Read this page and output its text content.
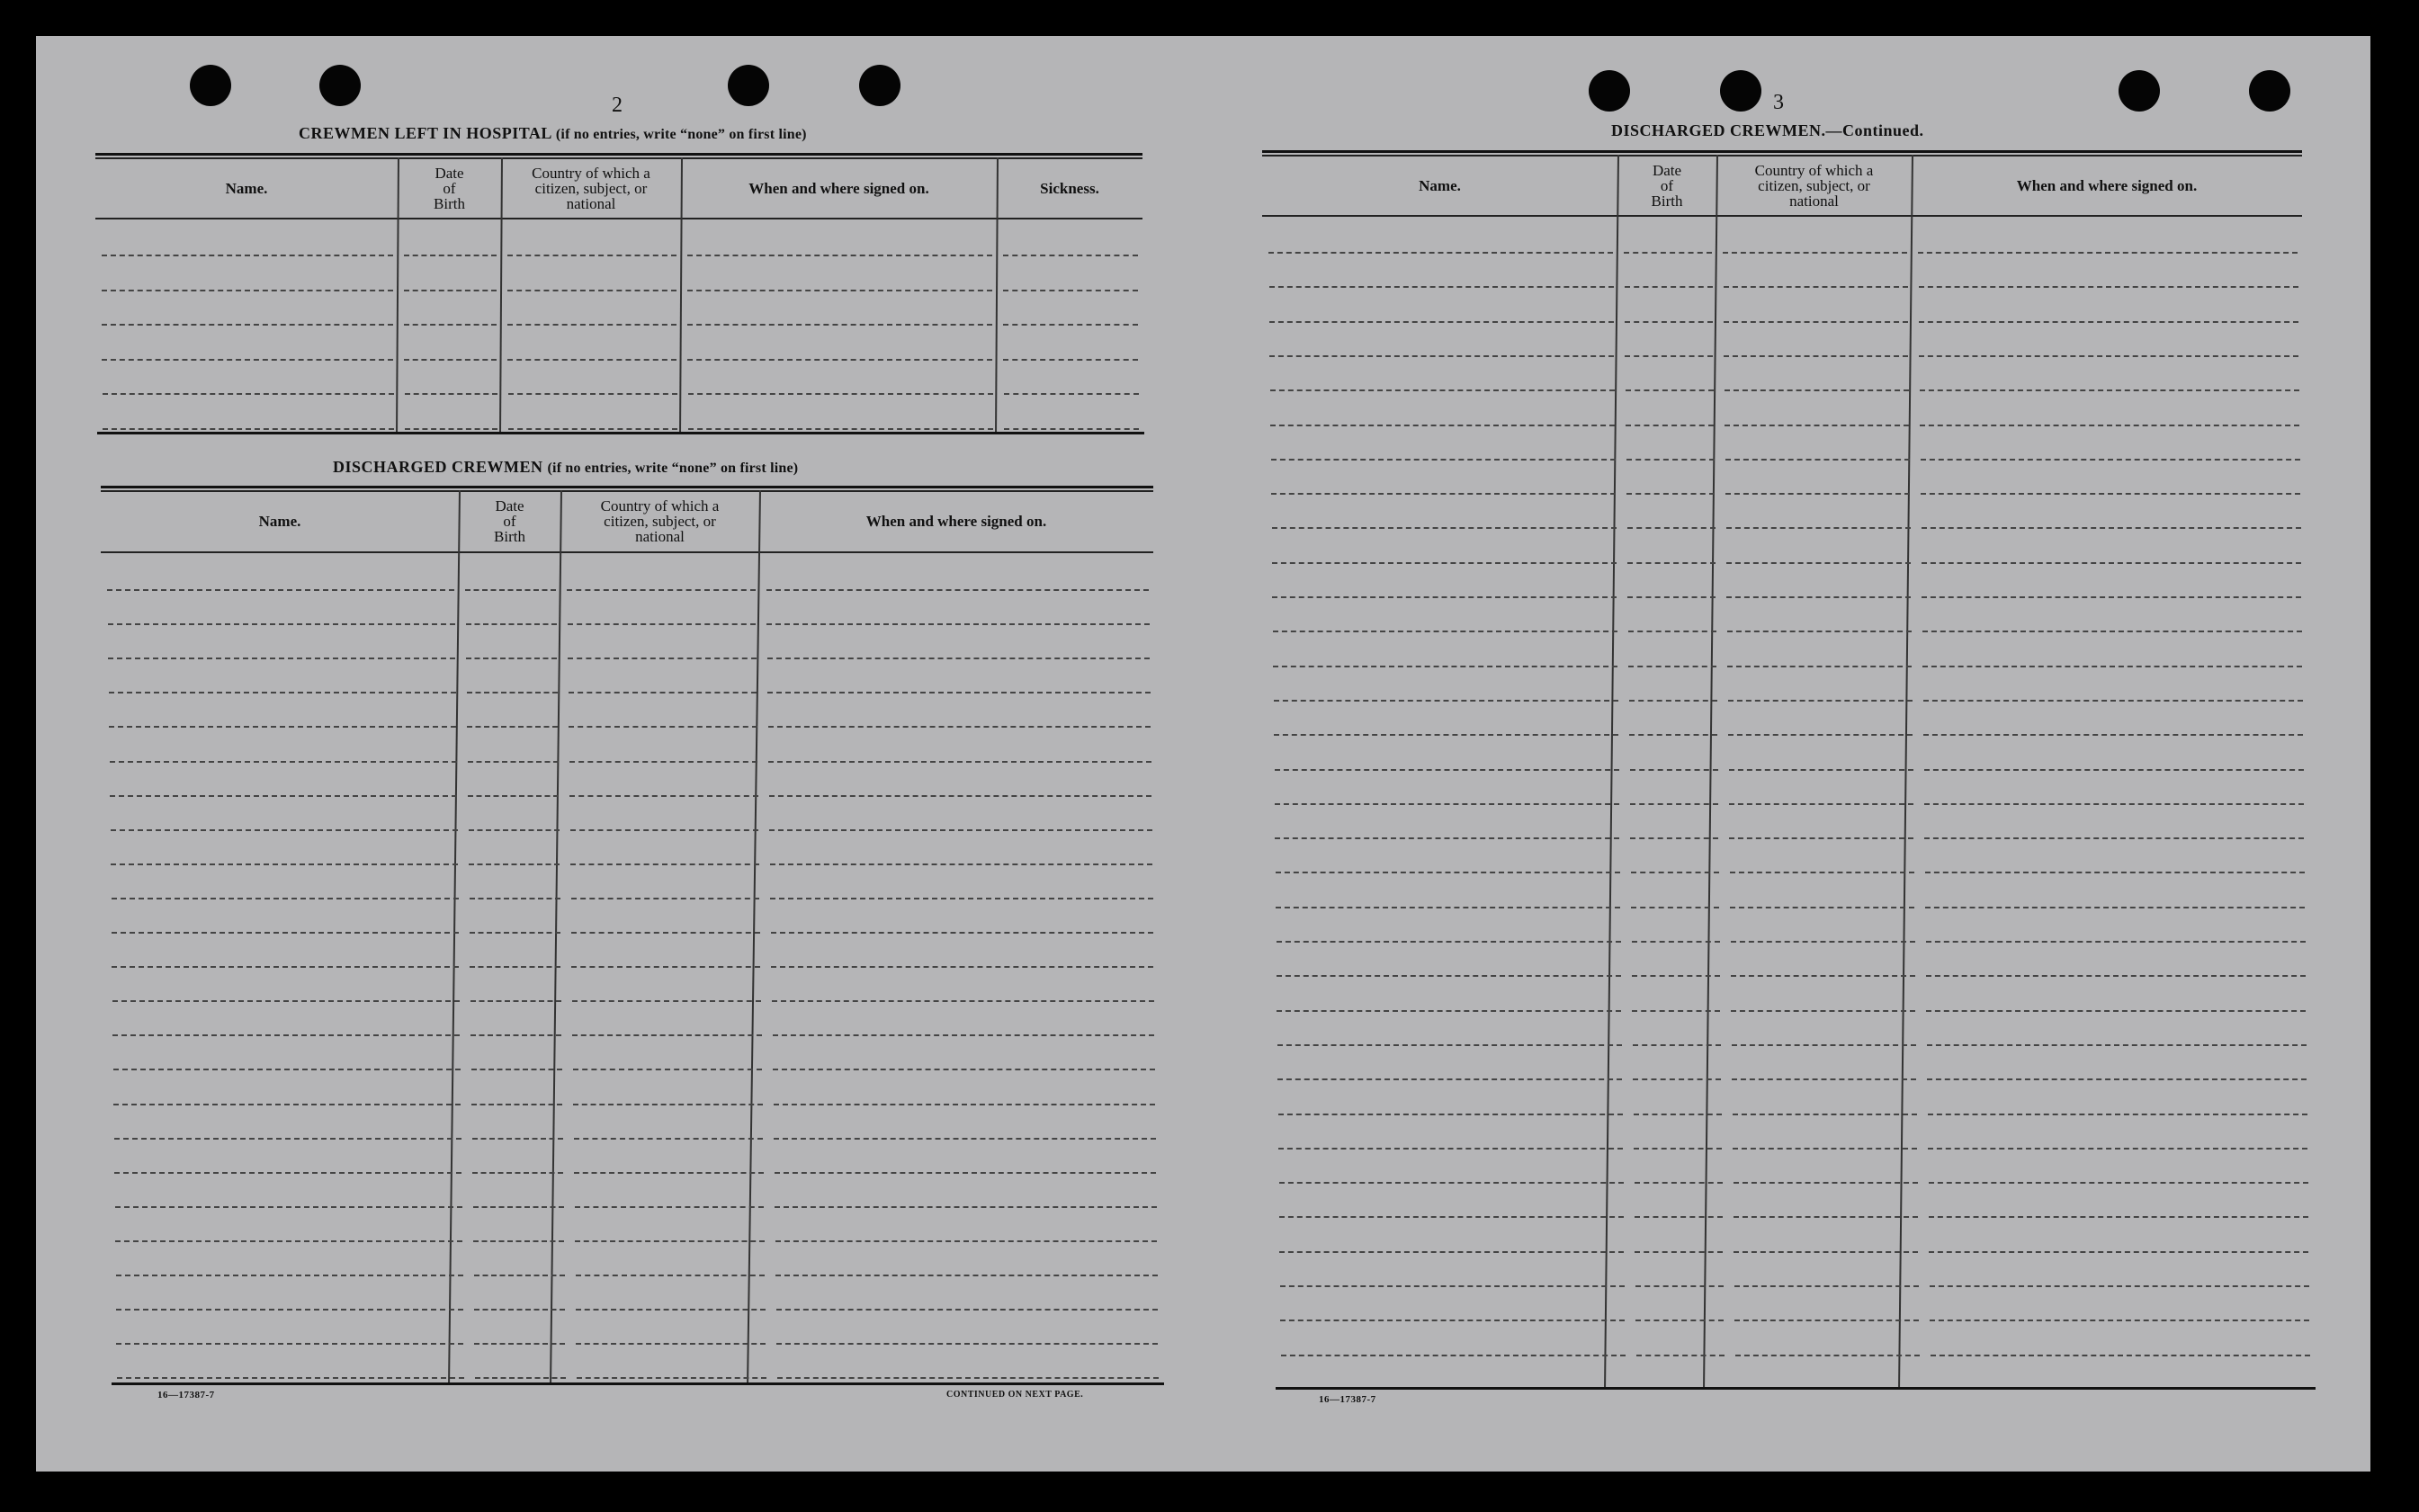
2
CREWMEN LEFT IN HOSPITAL (if no entries, write “none” on first line)
DISCHARGED CREWMEN (if no entries, write “none” on first line)
16—17387-7	CONTINUED ON NEXT PAGE.
3
DISCHARGED CREWMEN.—Continued.
16—17387-7
Name.
Date
of
Birth
Country of which a
citizen, subject, or
national
When and where signed on.	Sickness.
Name.
Date
of
Birth
Country of which a
citizen, subject, or
national
When and where signed on.
Name.
Date
of
Birth
Country of which a
citizen, subject, or
national
When and where signed on.
